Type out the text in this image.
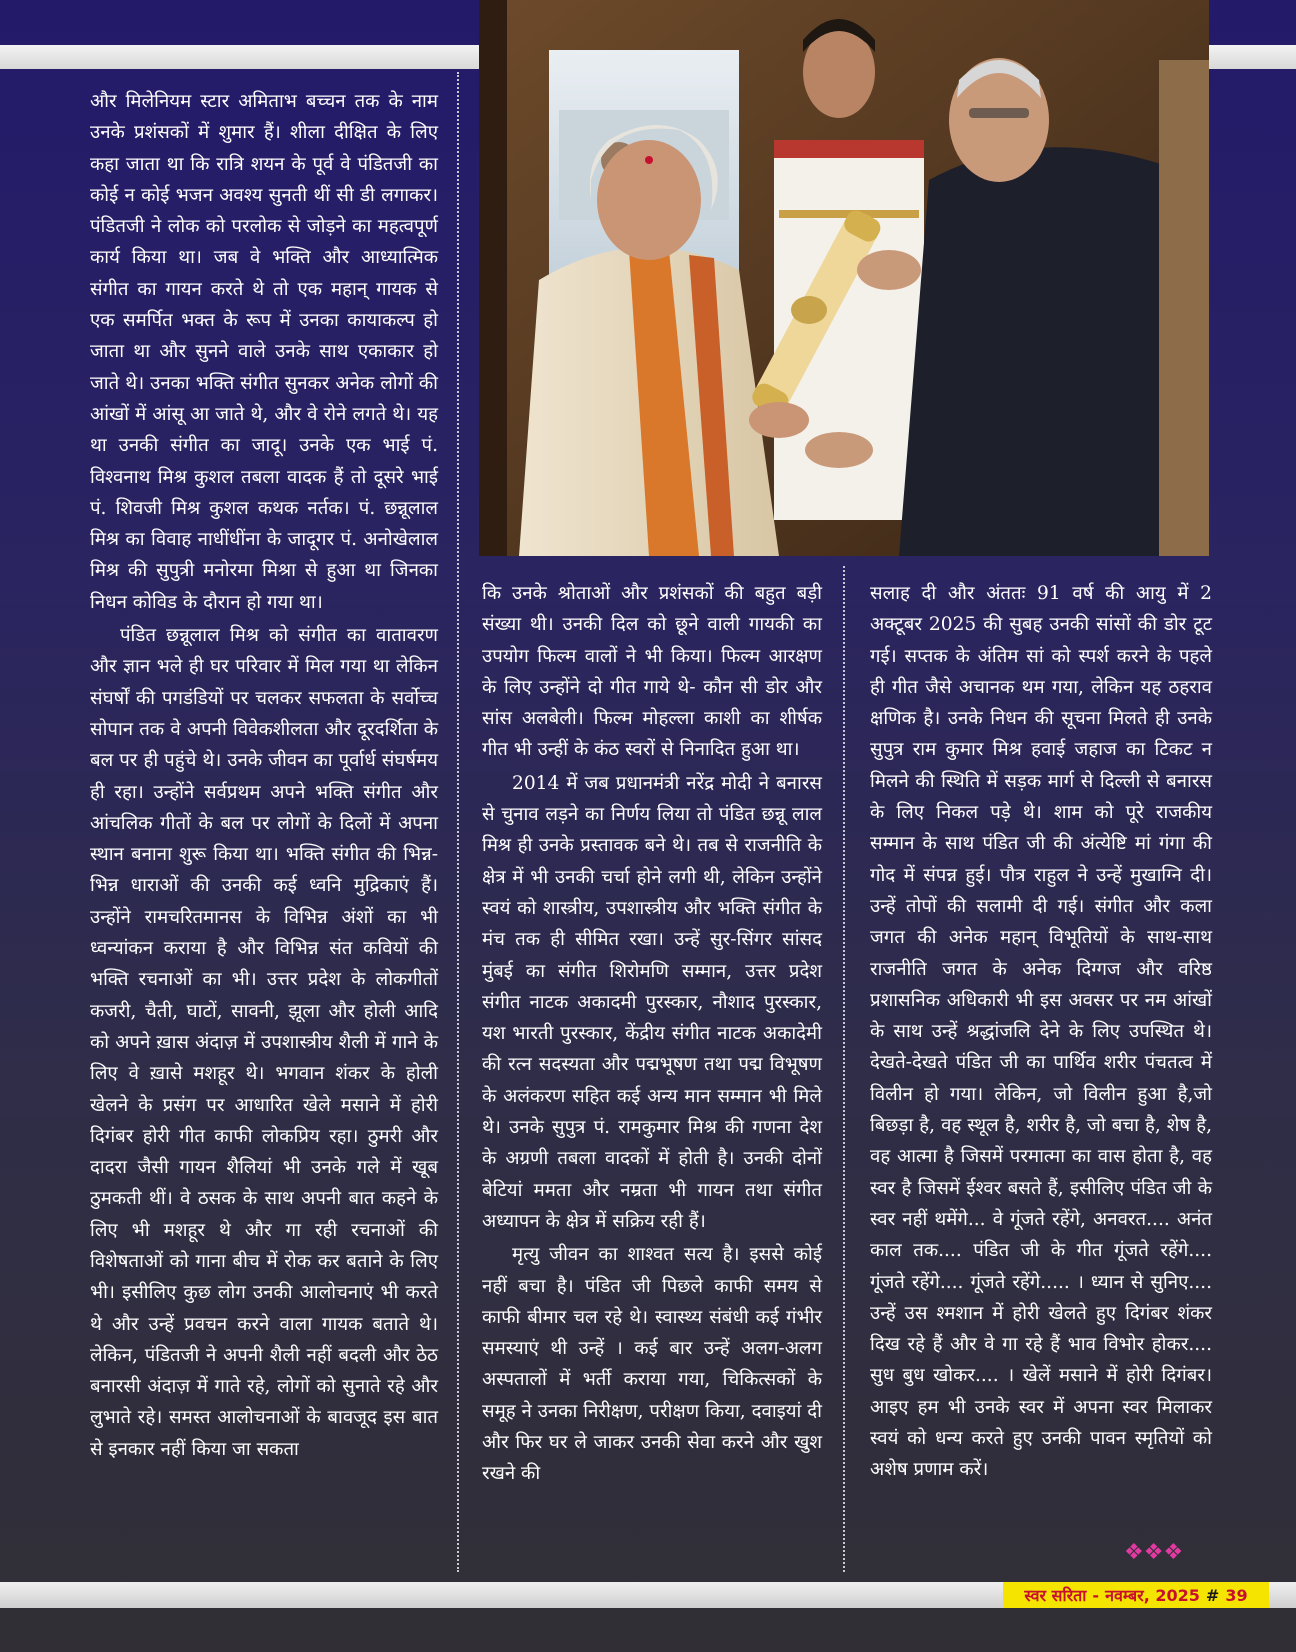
और मिलेनियम स्टार अमिताभ बच्चन तक के नाम उनके प्रशंसकों में शुमार हैं। शीला दीक्षित के लिए कहा जाता था कि रात्रि शयन के पूर्व वे पंडितजी का कोई न कोई भजन अवश्य सुनती थीं सी डी लगाकर। पंडितजी ने लोक को परलोक से जोड़ने का महत्वपूर्ण कार्य किया था। जब वे भक्ति और आध्यात्मिक संगीत का गायन करते थे तो एक महान् गायक से एक समर्पित भक्त के रूप में उनका कायाकल्प हो जाता था और सुनने वाले उनके साथ एकाकार हो जाते थे। उनका भक्ति संगीत सुनकर अनेक लोगों की आंखों में आंसू आ जाते थे, और वे रोने लगते थे। यह था उनकी संगीत का जादू। उनके एक भाई पं. विश्वनाथ मिश्र कुशल तबला वादक हैं तो दूसरे भाई पं. शिवजी मिश्र कुशल कथक नर्तक। पं. छन्नूलाल मिश्र का विवाह नाधींधींना के जादूगर पं. अनोखेलाल मिश्र की सुपुत्री मनोरमा मिश्रा से हुआ था जिनका निधन कोविड के दौरान हो गया था।

पंडित छन्नूलाल मिश्र को संगीत का वातावरण और ज्ञान भले ही घर परिवार में मिल गया था लेकिन संघर्षों की पगडंडियों पर चलकर सफलता के सर्वोच्च सोपान तक वे अपनी विवेकशीलता और दूरदर्शिता के बल पर ही पहुंचे थे। उनके जीवन का पूर्वार्ध संघर्षमय ही रहा। उन्होंने सर्वप्रथम अपने भक्ति संगीत और आंचलिक गीतों के बल पर लोगों के दिलों में अपना स्थान बनाना शुरू किया था। भक्ति संगीत की भिन्न-भिन्न धाराओं की उनकी कई ध्वनि मुद्रिकाएं हैं। उन्होंने रामचरितमानस के विभिन्न अंशों का भी ध्वन्यांकन कराया है और विभिन्न संत कवियों की भक्ति रचनाओं का भी। उत्तर प्रदेश के लोकगीतों कजरी, चैती, घाटों, सावनी, झूला और होली आदि को अपने ख़ास अंदाज़ में उपशास्त्रीय शैली में गाने के लिए वे ख़ासे मशहूर थे। भगवान शंकर के होली खेलने के प्रसंग पर आधारित खेले मसाने में होरी दिगंबर होरी गीत काफी लोकप्रिय रहा। ठुमरी और दादरा जैसी गायन शैलियां भी उनके गले में खूब ठुमकती थीं। वे ठसक के साथ अपनी बात कहने के लिए भी मशहूर थे और गा रही रचनाओं की विशेषताओं को गाना बीच में रोक कर बताने के लिए भी। इसीलिए कुछ लोग उनकी आलोचनाएं भी करते थे और उन्हें प्रवचन करने वाला गायक बताते थे। लेकिन, पंडितजी ने अपनी शैली नहीं बदली और ठेठ बनारसी अंदाज़ में गाते रहे, लोगों को सुनाते रहे और लुभाते रहे। समस्त आलोचनाओं के बावजूद इस बात से इनकार नहीं किया जा सकता

कि उनके श्रोताओं और प्रशंसकों की बहुत बड़ी संख्या थी। उनकी दिल को छूने वाली गायकी का उपयोग फिल्म वालों ने भी किया। फिल्म आरक्षण के लिए उन्होंने दो गीत गाये थे- कौन सी डोर और सांस अलबेली। फिल्म मोहल्ला काशी का शीर्षक गीत भी उन्हीं के कंठ स्वरों से निनादित हुआ था।

2014 में जब प्रधानमंत्री नरेंद्र मोदी ने बनारस से चुनाव लड़ने का निर्णय लिया तो पंडित छन्नू लाल मिश्र ही उनके प्रस्तावक बने थे। तब से राजनीति के क्षेत्र में भी उनकी चर्चा होने लगी थी, लेकिन उन्होंने स्वयं को शास्त्रीय, उपशास्त्रीय और भक्ति संगीत के मंच तक ही सीमित रखा। उन्हें सुर-सिंगर सांसद मुंबई का संगीत शिरोमणि सम्मान, उत्तर प्रदेश संगीत नाटक अकादमी पुरस्कार, नौशाद पुरस्कार, यश भारती पुरस्कार, केंद्रीय संगीत नाटक अकादेमी की रत्न सदस्यता और पद्मभूषण तथा पद्म विभूषण के अलंकरण सहित कई अन्य मान सम्मान भी मिले थे। उनके सुपुत्र पं. रामकुमार मिश्र की गणना देश के अग्रणी तबला वादकों में होती है। उनकी दोनों बेटियां ममता और नम्रता भी गायन तथा संगीत अध्यापन के क्षेत्र में सक्रिय रही हैं।

मृत्यु जीवन का शाश्वत सत्य है। इससे कोई नहीं बचा है। पंडित जी पिछले काफी समय से काफी बीमार चल रहे थे। स्वास्थ्य संबंधी कई गंभीर समस्याएं थी उन्हें । कई बार उन्हें अलग-अलग अस्पतालों में भर्ती कराया गया, चिकित्सकों के समूह ने उनका निरीक्षण, परीक्षण किया, दवाइयां दी और फिर घर ले जाकर उनकी सेवा करने और खुश रखने की

सलाह दी और अंततः 91 वर्ष की आयु में 2 अक्टूबर 2025 की सुबह उनकी सांसों की डोर टूट गई। सप्तक के अंतिम सां को स्पर्श करने के पहले ही गीत जैसे अचानक थम गया, लेकिन यह ठहराव क्षणिक है। उनके निधन की सूचना मिलते ही उनके सुपुत्र राम कुमार मिश्र हवाई जहाज का टिकट न मिलने की स्थिति में सड़क मार्ग से दिल्ली से बनारस के लिए निकल पड़े थे। शाम को पूरे राजकीय सम्मान के साथ पंडित जी की अंत्येष्टि मां गंगा की गोद में संपन्न हुई। पौत्र राहुल ने उन्हें मुखाग्नि दी। उन्हें तोपों की सलामी दी गई। संगीत और कला जगत की अनेक महान् विभूतियों के साथ-साथ राजनीति जगत के अनेक दिग्गज और वरिष्ठ प्रशासनिक अधिकारी भी इस अवसर पर नम आंखों के साथ उन्हें श्रद्धांजलि देने के लिए उपस्थित थे। देखते-देखते पंडित जी का पार्थिव शरीर पंचतत्व में विलीन हो गया। लेकिन, जो विलीन हुआ है,जो बिछड़ा है, वह स्थूल है, शरीर है, जो बचा है, शेष है, वह आत्मा है जिसमें परमात्मा का वास होता है, वह स्वर है जिसमें ईश्वर बसते हैं, इसीलिए पंडित जी के स्वर नहीं थमेंगे... वे गूंजते रहेंगे, अनवरत.... अनंत काल तक.... पंडित जी के गीत गूंजते रहेंगे.... गूंजते रहेंगे.... गूंजते रहेंगे..... । ध्यान से सुनिए.... उन्हें उस श्मशान में होरी खेलते हुए दिगंबर शंकर दिख रहे हैं और वे गा रहे हैं भाव विभोर होकर.... सुध बुध खोकर.... । खेलें मसाने में होरी दिगंबर। आइए हम भी उनके स्वर में अपना स्वर मिलाकर स्वयं को धन्य करते हुए उनकी पावन स्मृतियों को अशेष प्रणाम करें।

❖❖❖
स्वर सरिता - नवम्बर, 2025 # 39
